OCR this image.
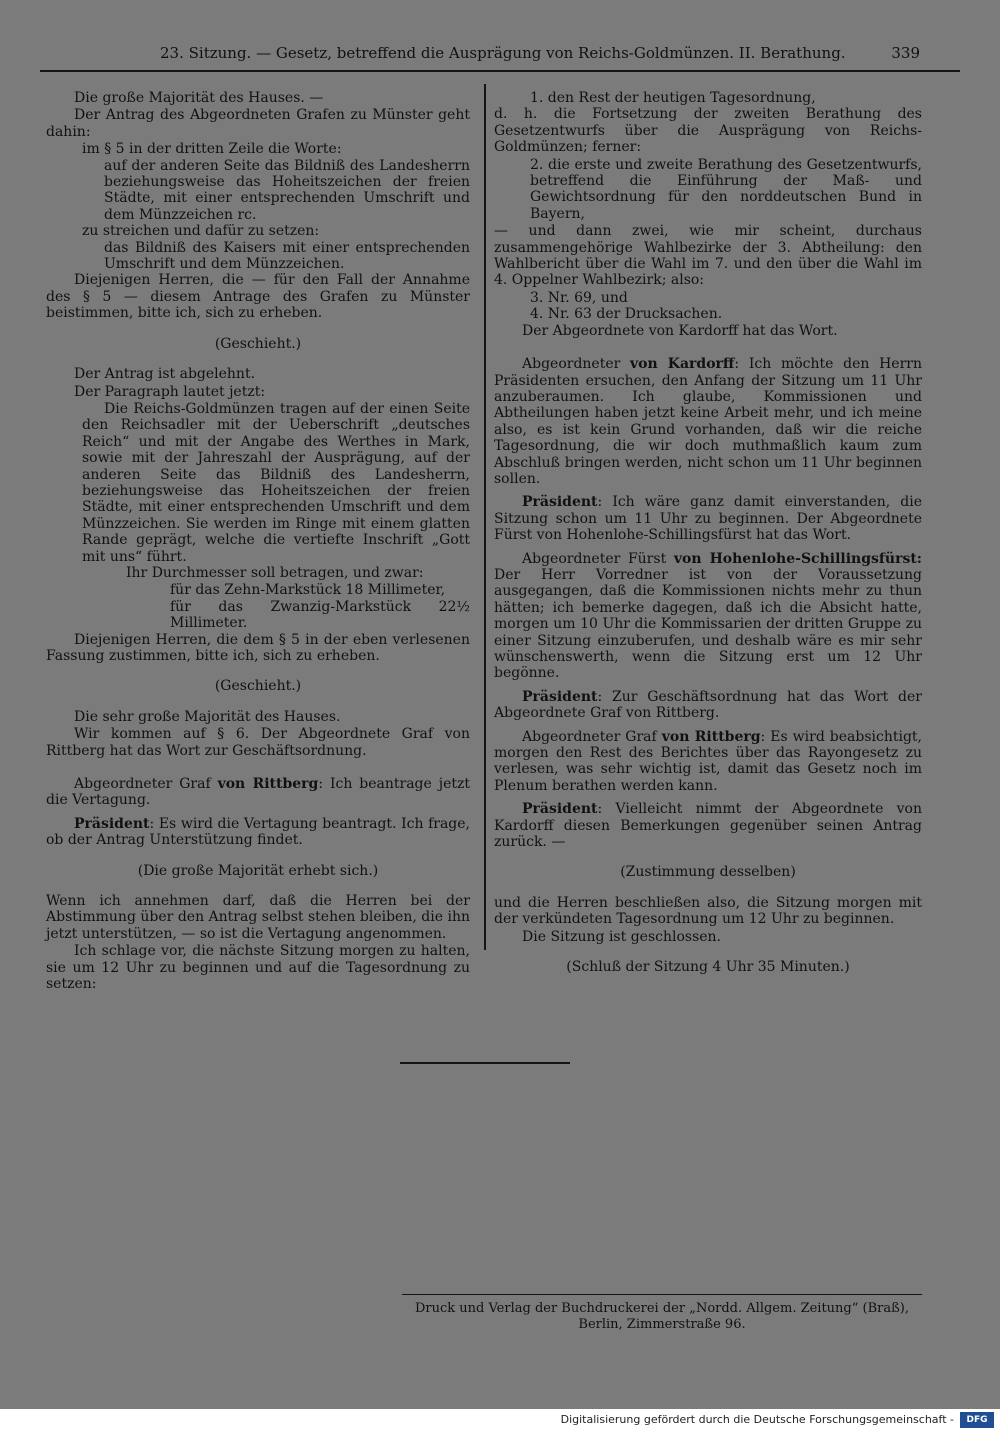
23. Sitzung. — Gesetz, betreffend die Ausprägung von Reichs-Goldmünzen. II. Berathung.	339

Die große Majorität des Hauses. —

Der Antrag des Abgeordneten Grafen zu Münster geht dahin:

im § 5 in der dritten Zeile die Worte:

auf der anderen Seite das Bildniß des Landesherrn beziehungsweise das Hoheitszeichen der freien Städte, mit einer entsprechenden Umschrift und dem Münzzeichen rc.

zu streichen und dafür zu setzen:

das Bildniß des Kaisers mit einer entsprechenden Umschrift und dem Münzzeichen.

Diejenigen Herren, die — für den Fall der Annahme des § 5 — diesem Antrage des Grafen zu Münster beistimmen, bitte ich, sich zu erheben.

(Geschieht.)

Der Antrag ist abgelehnt.

Der Paragraph lautet jetzt:

Die Reichs-Goldmünzen tragen auf der einen Seite den Reichsadler mit der Ueberschrift „deutsches Reich“ und mit der Angabe des Werthes in Mark, sowie mit der Jahreszahl der Ausprägung, auf der anderen Seite das Bildniß des Landesherrn, beziehungsweise das Hoheitszeichen der freien Städte, mit einer entsprechenden Umschrift und dem Münzzeichen. Sie werden im Ringe mit einem glatten Rande geprägt, welche die vertiefte Inschrift „Gott mit uns“ führt.

Ihr Durchmesser soll betragen, und zwar:

für das Zehn-Markstück 18 Millimeter,

für das Zwanzig-Markstück 22½ Millimeter.

Diejenigen Herren, die dem § 5 in der eben verlesenen Fassung zustimmen, bitte ich, sich zu erheben.

(Geschieht.)

Die sehr große Majorität des Hauses.

Wir kommen auf § 6. Der Abgeordnete Graf von Rittberg hat das Wort zur Geschäftsordnung.

Abgeordneter Graf von Rittberg: Ich beantrage jetzt die Vertagung.

Präsident: Es wird die Vertagung beantragt. Ich frage, ob der Antrag Unterstützung findet.

(Die große Majorität erhebt sich.)

Wenn ich annehmen darf, daß die Herren bei der Abstimmung über den Antrag selbst stehen bleiben, die ihn jetzt unterstützen, — so ist die Vertagung angenommen.

Ich schlage vor, die nächste Sitzung morgen zu halten, sie um 12 Uhr zu beginnen und auf die Tagesordnung zu setzen:

1. den Rest der heutigen Tagesordnung,

d. h. die Fortsetzung der zweiten Berathung des Gesetzentwurfs über die Ausprägung von Reichs-Goldmünzen; ferner:

2. die erste und zweite Berathung des Gesetzentwurfs, betreffend die Einführung der Maß- und Gewichtsordnung für den norddeutschen Bund in Bayern,

— und dann zwei, wie mir scheint, durchaus zusammengehörige Wahlbezirke der 3. Abtheilung: den Wahlbericht über die Wahl im 7. und den über die Wahl im 4. Oppelner Wahlbezirk; also:

3. Nr. 69, und

4. Nr. 63 der Drucksachen.

Der Abgeordnete von Kardorff hat das Wort.

Abgeordneter von Kardorff: Ich möchte den Herrn Präsidenten ersuchen, den Anfang der Sitzung um 11 Uhr anzuberaumen. Ich glaube, Kommissionen und Abtheilungen haben jetzt keine Arbeit mehr, und ich meine also, es ist kein Grund vorhanden, daß wir die reiche Tagesordnung, die wir doch muthmaßlich kaum zum Abschluß bringen werden, nicht schon um 11 Uhr beginnen sollen.

Präsident: Ich wäre ganz damit einverstanden, die Sitzung schon um 11 Uhr zu beginnen. Der Abgeordnete Fürst von Hohenlohe-Schillingsfürst hat das Wort.

Abgeordneter Fürst von Hohenlohe-Schillingsfürst: Der Herr Vorredner ist von der Voraussetzung ausgegangen, daß die Kommissionen nichts mehr zu thun hätten; ich bemerke dagegen, daß ich die Absicht hatte, morgen um 10 Uhr die Kommissarien der dritten Gruppe zu einer Sitzung einzuberufen, und deshalb wäre es mir sehr wünschenswerth, wenn die Sitzung erst um 12 Uhr begönne.

Präsident: Zur Geschäftsordnung hat das Wort der Abgeordnete Graf von Rittberg.

Abgeordneter Graf von Rittberg: Es wird beabsichtigt, morgen den Rest des Berichtes über das Rayongesetz zu verlesen, was sehr wichtig ist, damit das Gesetz noch im Plenum berathen werden kann.

Präsident: Vielleicht nimmt der Abgeordnete von Kardorff diesen Bemerkungen gegenüber seinen Antrag zurück. —

(Zustimmung desselben)

und die Herren beschließen also, die Sitzung morgen mit der verkündeten Tagesordnung um 12 Uhr zu beginnen.

Die Sitzung ist geschlossen.

(Schluß der Sitzung 4 Uhr 35 Minuten.)

Druck und Verlag der Buchdruckerei der „Nordd. Allgem. Zeitung“ (Braß),
Berlin, Zimmerstraße 96.
Digitalisierung gefördert durch die Deutsche Forschungsgemeinschaft -	DFG
